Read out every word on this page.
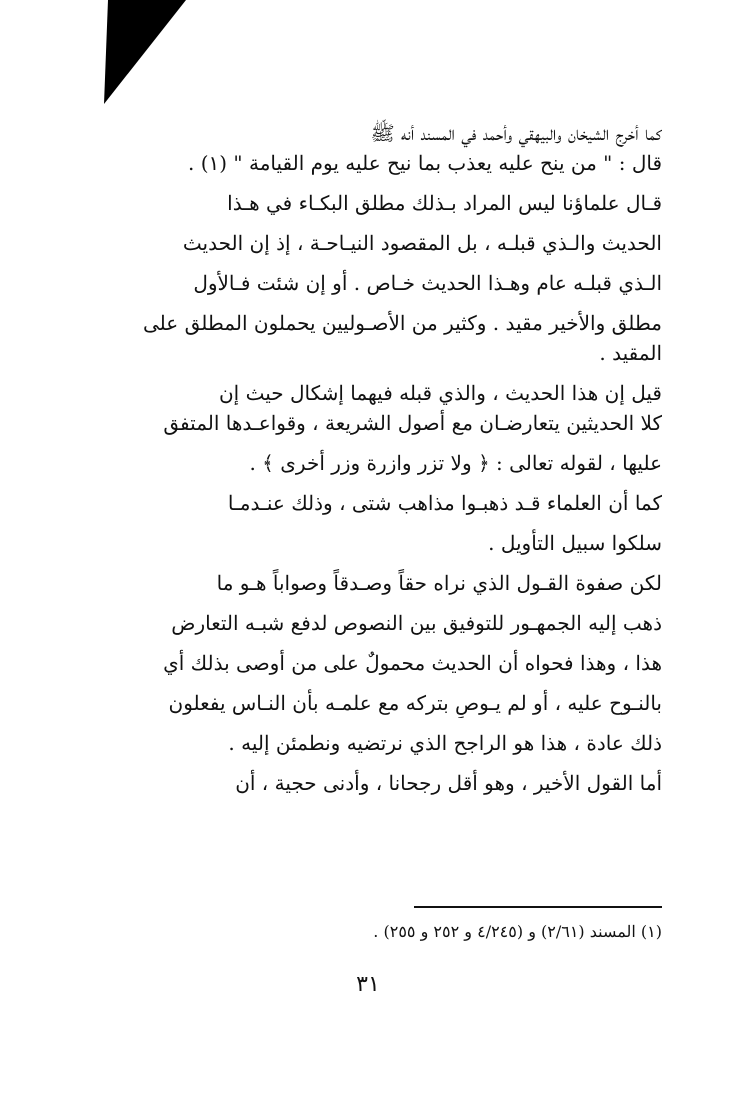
كما أخرج الشيخان والبيهقي وأحمد في المسند أنه ﷺ

قال : " من ينح عليه يعذب بما نيح عليه يوم القيامة " (١) .

قـال علماؤنا ليس المراد بـذلك مطلق البكـاء في هـذا

الحديث والـذي قبلـه ، بل المقصود النيـاحـة ، إذ إن الحديث

الـذي قبلـه عام وهـذا الحديث خـاص . أو إن شئت فـالأول

مطلق والأخير مقيد . وكثير من الأصـوليين يحملون المطلق على

المقيد .

قيل إن هذا الحديث ، والذي قبله فيهما إشكال حيث إن

كلا الحديثين يتعارضـان مع أصول الشريعة ، وقواعـدها المتفق

عليها ، لقوله تعالى : ﴿ ولا تزر وازرة وزر أخرى ﴾ .

كما أن العلماء قـد ذهبـوا مذاهب شتى ، وذلك عنـدمـا

سلكوا سبيل التأويل .

لكن صفوة القـول الذي نراه حقاً وصـدقاً وصواباً هـو ما

ذهب إليه الجمهـور للتوفيق بين النصوص لدفع شبـه التعارض

هذا ، وهذا فحواه أن الحديث محمولٌ على من أوصى بذلك أي

بالنـوح عليه ، أو لم يـوصِ بتركه مع علمـه بأن النـاس يفعلون

ذلك عادة ، هذا هو الراجح الذي نرتضيه ونطمئن إليه .

أما القول الأخير ، وهو أقل رجحانا ، وأدنى حجية ، أن

(١) المسند (٢/٦١) و (٤/٢٤٥ و ٢٥٢ و ٢٥٥) .
٣١
